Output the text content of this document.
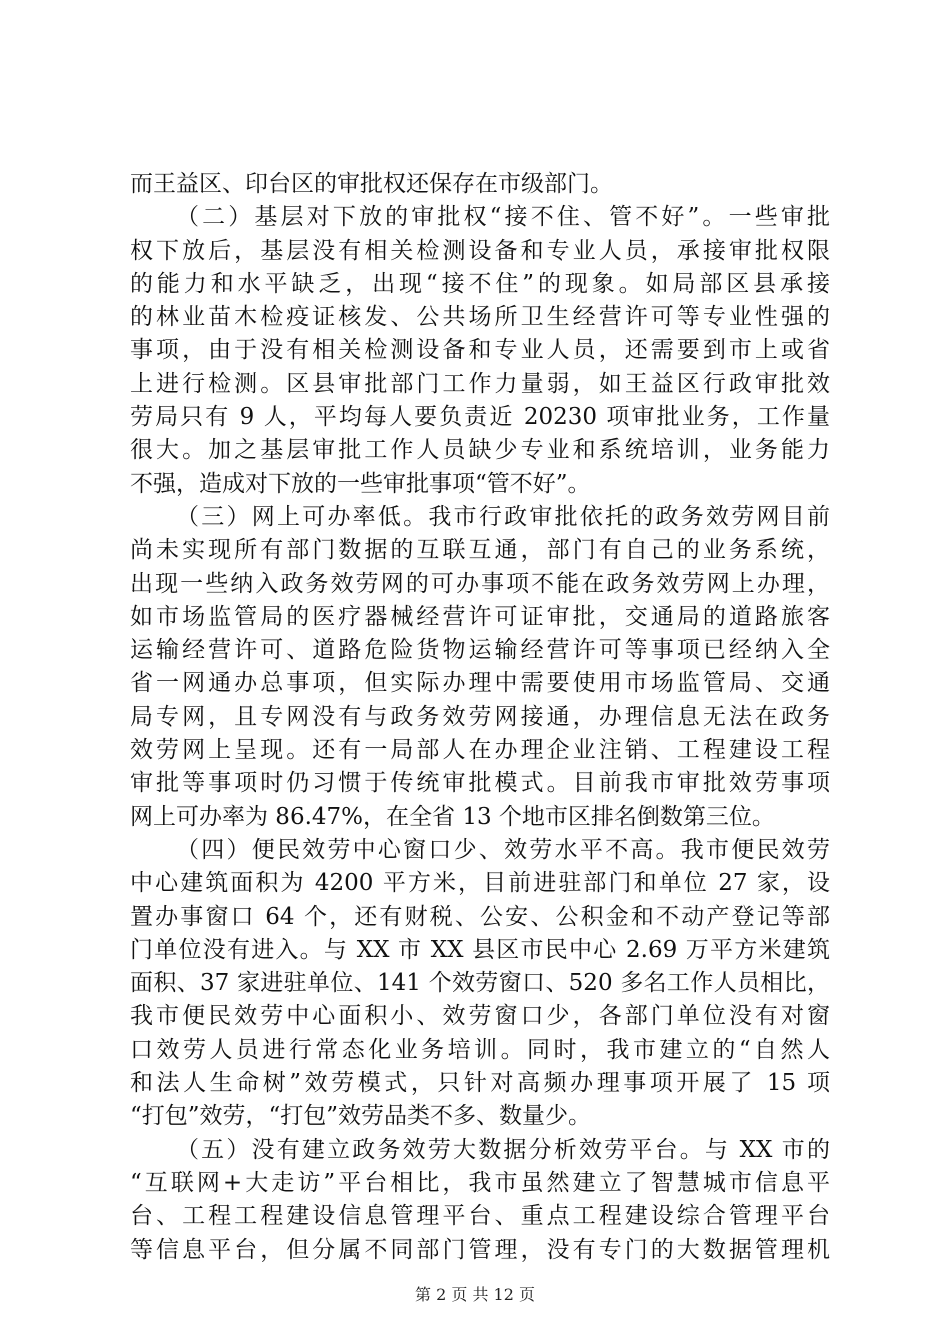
而王益区、印台区的审批权还保存在市级部门。
（二）基层对下放的审批权“接不住、管不好”。一些审批
权下放后，基层没有相关检测设备和专业人员，承接审批权限
的能力和水平缺乏，出现“接不住”的现象。如局部区县承接
的林业苗木检疫证核发、公共场所卫生经营许可等专业性强的
事项，由于没有相关检测设备和专业人员，还需要到市上或省
上进行检测。区县审批部门工作力量弱，如王益区行政审批效
劳局只有 9 人，平均每人要负责近 20230 项审批业务，工作量
很大。加之基层审批工作人员缺少专业和系统培训，业务能力
不强，造成对下放的一些审批事项“管不好”。
（三）网上可办率低。我市行政审批依托的政务效劳网目前
尚未实现所有部门数据的互联互通，部门有自己的业务系统，
出现一些纳入政务效劳网的可办事项不能在政务效劳网上办理，
如市场监管局的医疗器械经营许可证审批，交通局的道路旅客
运输经营许可、道路危险货物运输经营许可等事项已经纳入全
省一网通办总事项，但实际办理中需要使用市场监管局、交通
局专网，且专网没有与政务效劳网接通，办理信息无法在政务
效劳网上呈现。还有一局部人在办理企业注销、工程建设工程
审批等事项时仍习惯于传统审批模式。目前我市审批效劳事项
网上可办率为 86.47%，在全省 13 个地市区排名倒数第三位。
（四）便民效劳中心窗口少、效劳水平不高。我市便民效劳
中心建筑面积为 4200 平方米，目前进驻部门和单位 27 家，设
置办事窗口 64 个，还有财税、公安、公积金和不动产登记等部
门单位没有进入。与 XX 市 XX 县区市民中心 2.69 万平方米建筑
面积、37 家进驻单位、141 个效劳窗口、520 多名工作人员相比，
我市便民效劳中心面积小、效劳窗口少，各部门单位没有对窗
口效劳人员进行常态化业务培训。同时，我市建立的“自然人
和法人生命树”效劳模式，只针对高频办理事项开展了 15 项
“打包”效劳，“打包”效劳品类不多、数量少。
（五）没有建立政务效劳大数据分析效劳平台。与 XX 市的
“互联网+大走访”平台相比，我市虽然建立了智慧城市信息平
台、工程工程建设信息管理平台、重点工程建设综合管理平台
等信息平台，但分属不同部门管理，没有专门的大数据管理机
第 2 页 共 12 页
